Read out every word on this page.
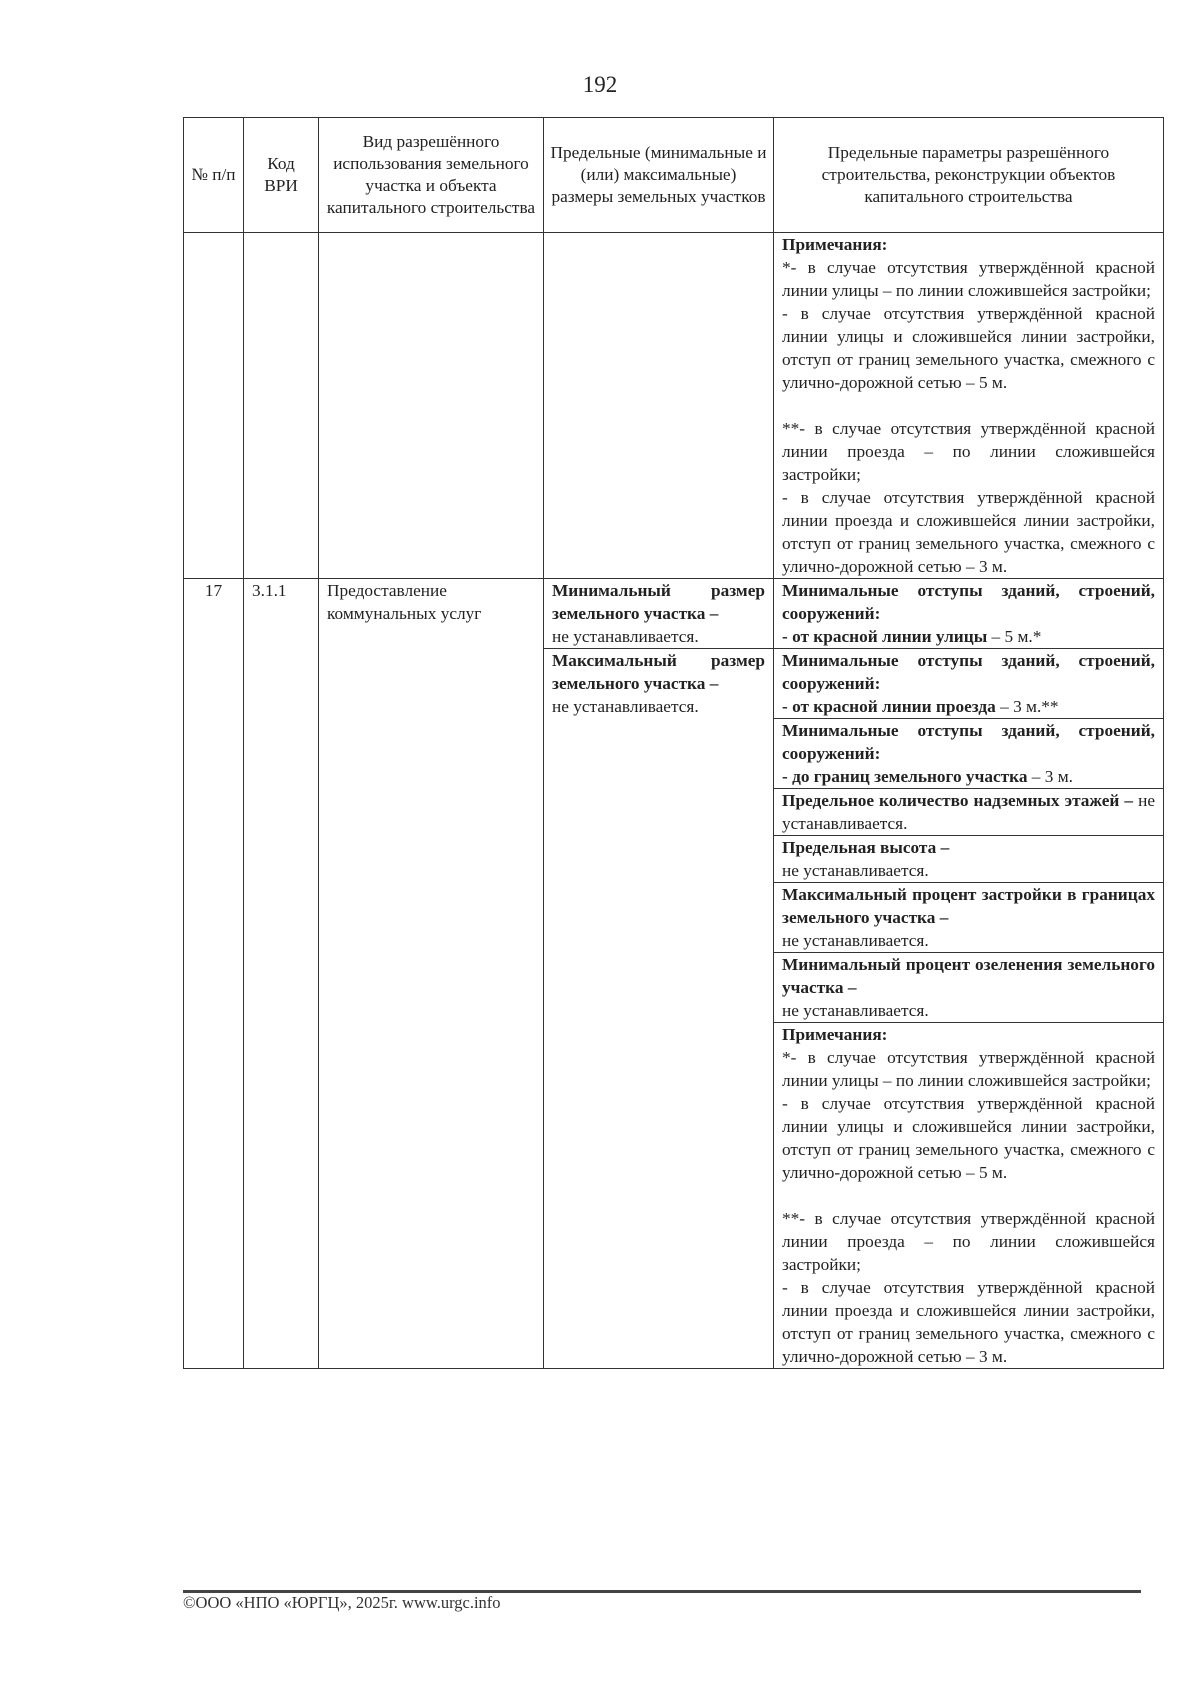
192
№ п/п	Код ВРИ	Вид разрешённого использования земельного участка и объекта капитального строительства	Предельные (минимальные и (или) максимальные) размеры земельных участков	Предельные параметры разрешённого строительства, реконструкции объектов капитального строительства

				Примечания:

*- в случае отсутствия утверждённой красной линии улицы – по линии сложившейся застройки;

- в случае отсутствия утверждённой красной линии улицы и сложившейся линии застройки, отступ от границ земельного участка, смежного с улично-дорожной сетью – 5 м.

**- в случае отсутствия утверждённой красной линии проезда – по линии сложившейся застройки;

- в случае отсутствия утверждённой красной линии проезда и сложившейся линии застройки, отступ от границ земельного участка, смежного с улично-дорожной сетью – 3 м.

17	3.1.1	Предоставление коммунальных услуг	Минимальный размер земельного участка –
не устанавливается.	Минимальные отступы зданий, строений, сооружений:
- от красной линии улицы – 5 м.*
			Максимальный размер земельного участка –
не устанавливается.	Минимальные отступы зданий, строений, сооружений:
- от красной линии проезда – 3 м.**
				Минимальные отступы зданий, строений, сооружений:
- до границ земельного участка – 3 м.
				Предельное количество надземных этажей – не устанавливается.
				Предельная высота –
не устанавливается.
				Максимальный процент застройки в границах земельного участка –
не устанавливается.
				Минимальный процент озеленения земельного участка –
не устанавливается.

				Примечания:

*- в случае отсутствия утверждённой красной линии улицы – по линии сложившейся застройки;

- в случае отсутствия утверждённой красной линии улицы и сложившейся линии застройки, отступ от границ земельного участка, смежного с улично-дорожной сетью – 5 м.

**- в случае отсутствия утверждённой красной линии проезда – по линии сложившейся застройки;

- в случае отсутствия утверждённой красной линии проезда и сложившейся линии застройки, отступ от границ земельного участка, смежного с улично-дорожной сетью – 3 м.

©ООО «НПО «ЮРГЦ», 2025г. www.urgc.info
